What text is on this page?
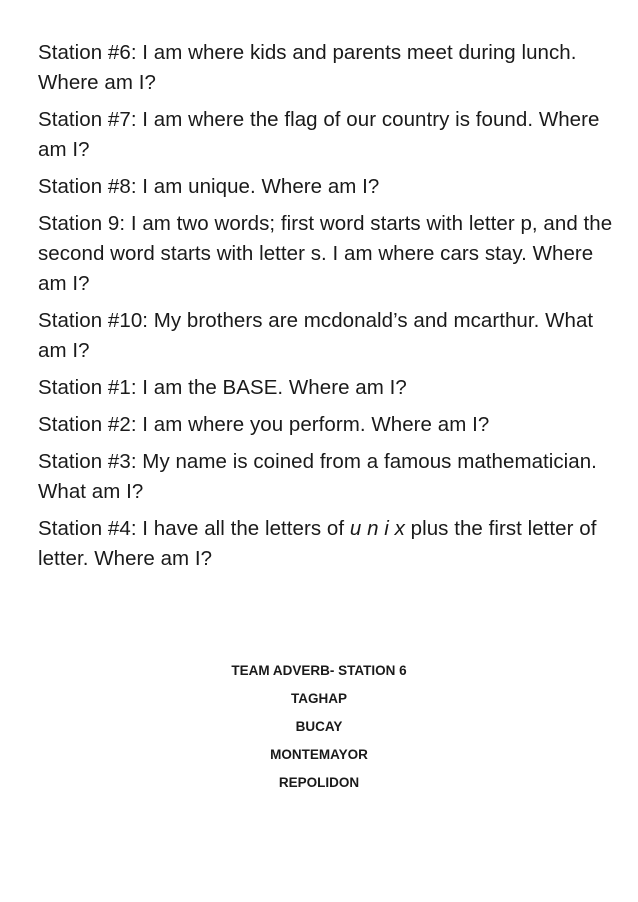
Station #6: I am where kids and parents meet during lunch. Where am I?

Station #7: I am where the flag of our country is found. Where am I?

Station #8: I am unique. Where am I?

Station 9: I am two words; first word starts with letter p, and the second word starts with letter s. I am where cars stay. Where am I?

Station #10: My brothers are mcdonald’s and mcarthur. What am I?

Station #1: I am the BASE. Where am I?

Station #2: I am where you perform. Where am I?

Station #3: My name is coined from a famous mathematician. What am I?

Station #4: I have all the letters of u n i x plus the first letter of letter. Where am I?

TEAM ADVERB- STATION 6
TAGHAP
BUCAY
MONTEMAYOR
REPOLIDON
